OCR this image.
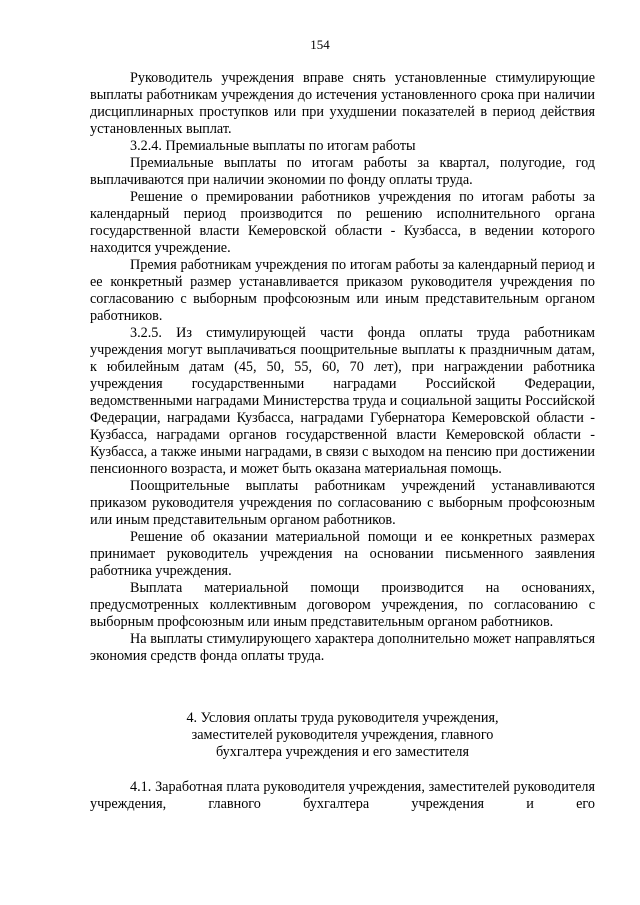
154

Руководитель учреждения вправе снять установленные стимулирующие выплаты работникам учреждения до истечения установленного срока при наличии дисциплинарных проступков или при ухудшении показателей в период действия установленных выплат.

3.2.4. Премиальные выплаты по итогам работы

Премиальные выплаты по итогам работы за квартал, полугодие, год выплачиваются при наличии экономии по фонду оплаты труда.

Решение о премировании работников учреждения по итогам работы за календарный период производится по решению исполнительного органа государственной власти Кемеровской области - Кузбасса, в ведении которого находится учреждение.

Премия работникам учреждения по итогам работы за календарный период и ее конкретный размер устанавливается приказом руководителя учреждения по согласованию с выборным профсоюзным или иным представительным органом работников.

3.2.5. Из стимулирующей части фонда оплаты труда работникам учреждения могут выплачиваться поощрительные выплаты к праздничным датам, к юбилейным датам (45, 50, 55, 60, 70 лет), при награждении работника учреждения государственными наградами Российской Федерации, ведомственными наградами Министерства труда и социальной защиты Российской Федерации, наградами Кузбасса, наградами Губернатора Кемеровской области - Кузбасса, наградами органов государственной власти Кемеровской области - Кузбасса, а также иными наградами, в связи с выходом на пенсию при достижении пенсионного возраста, и может быть оказана материальная помощь.

Поощрительные выплаты работникам учреждений устанавливаются приказом руководителя учреждения по согласованию с выборным профсоюзным или иным представительным органом работников.

Решение об оказании материальной помощи и ее конкретных размерах принимает руководитель учреждения на основании письменного заявления работника учреждения.

Выплата материальной помощи производится на основаниях, предусмотренных коллективным договором учреждения, по согласованию с выборным профсоюзным или иным представительным органом работников.

На выплаты стимулирующего характера дополнительно может направляться экономия средств фонда оплаты труда.

4. Условия оплаты труда руководителя учреждения,
заместителей руководителя учреждения, главного
бухгалтера учреждения и его заместителя

4.1. Заработная плата руководителя учреждения, заместителей руководителя учреждения, главного бухгалтера учреждения и его
